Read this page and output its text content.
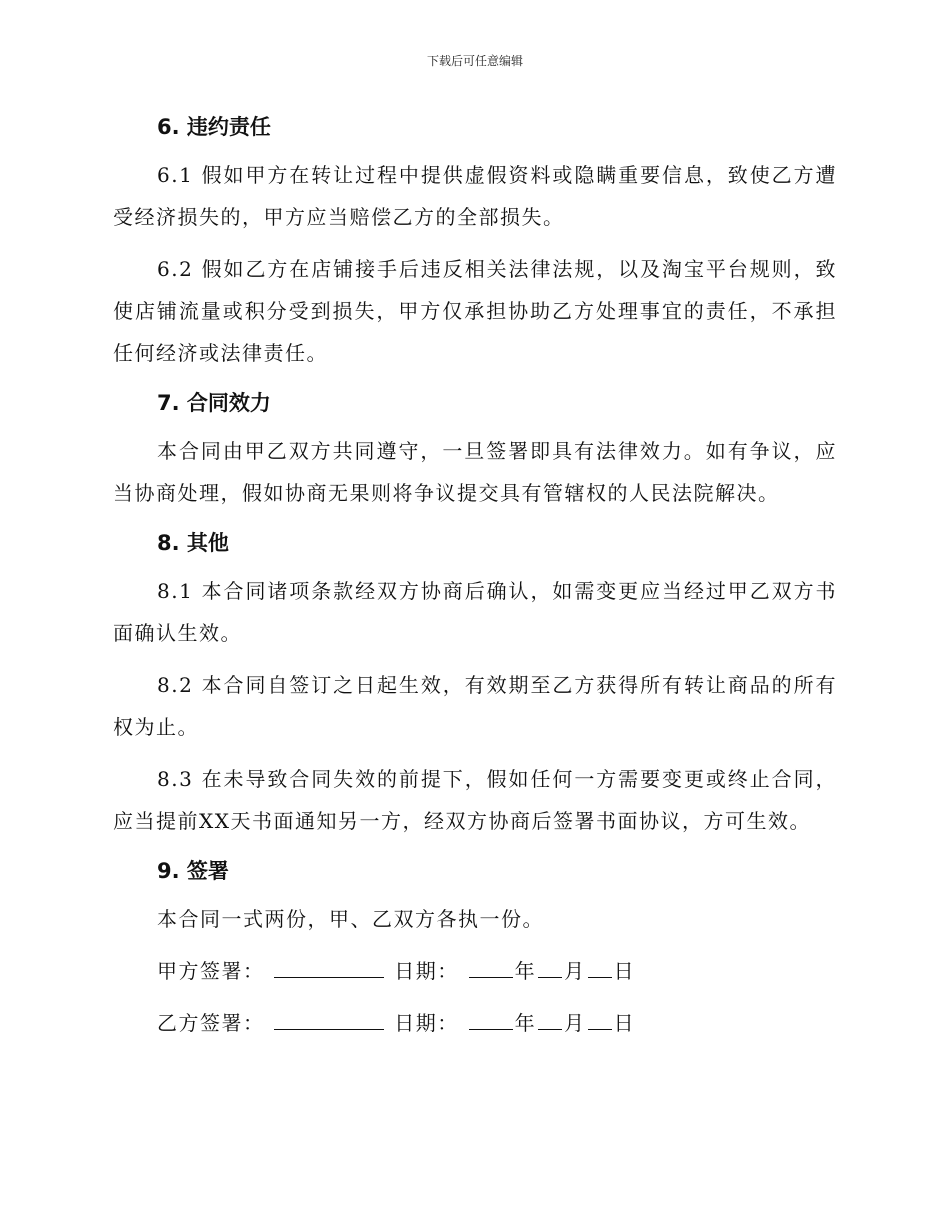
下载后可任意编辑
6. 违约责任

6.1 假如甲方在转让过程中提供虚假资料或隐瞒重要信息，致使乙方遭受经济损失的，甲方应当赔偿乙方的全部损失。

6.2 假如乙方在店铺接手后违反相关法律法规，以及淘宝平台规则，致使店铺流量或积分受到损失，甲方仅承担协助乙方处理事宜的责任，不承担任何经济或法律责任。

7. 合同效力

本合同由甲乙双方共同遵守，一旦签署即具有法律效力。如有争议，应当协商处理，假如协商无果则将争议提交具有管辖权的人民法院解决。

8. 其他

8.1 本合同诸项条款经双方协商后确认，如需变更应当经过甲乙双方书面确认生效。

8.2 本合同自签订之日起生效，有效期至乙方获得所有转让商品的所有权为止。

8.3 在未导致合同失效的前提下，假如任何一方需要变更或终止合同，应当提前XX天书面通知另一方，经双方协商后签署书面协议，方可生效。

9. 签署

本合同一式两份，甲、乙双方各执一份。

甲方签署：	日期：	年 月 日
乙方签署：	日期：	年 月 日
